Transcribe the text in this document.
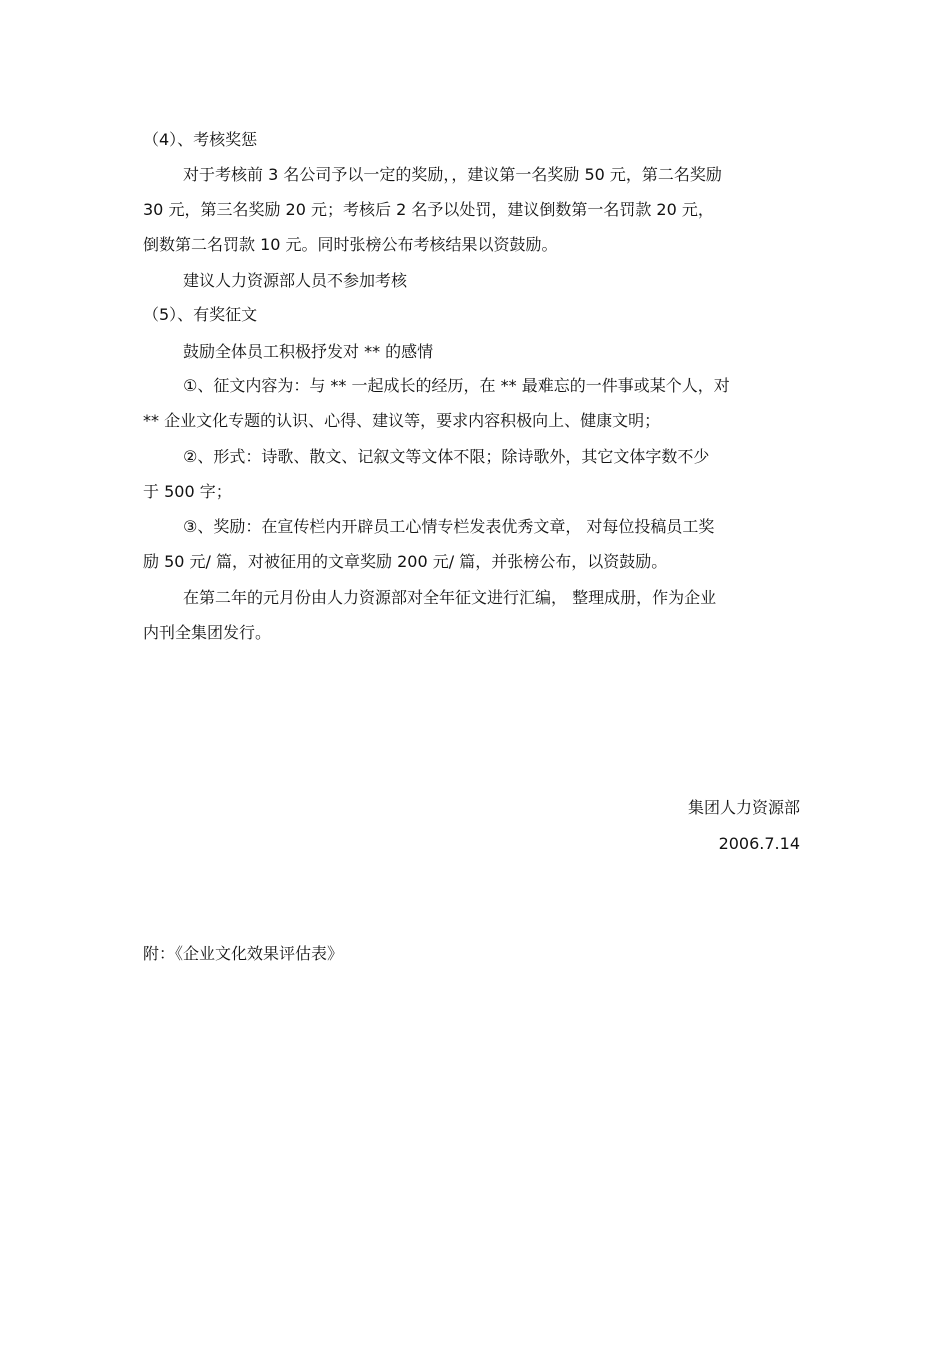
（4）、考核奖惩
对于考核前 3 名公司予以一定的奖励，，建议第一名奖励 50 元，第二名奖励
30 元，第三名奖励 20 元；考核后 2 名予以处罚，建议倒数第一名罚款 20 元，
倒数第二名罚款 10 元。同时张榜公布考核结果以资鼓励。
建议人力资源部人员不参加考核
（5）、有奖征文
鼓励全体员工积极抒发对 ** 的感情
①、征文内容为：与 ** 一起成长的经历，在 ** 最难忘的一件事或某个人，对
** 企业文化专题的认识、心得、建议等，要求内容积极向上、健康文明；
②、形式：诗歌、散文、记叙文等文体不限；除诗歌外，其它文体字数不少
于 500 字；
③、奖励：在宣传栏内开辟员工心情专栏发表优秀文章， 对每位投稿员工奖
励 50 元/ 篇，对被征用的文章奖励 200 元/ 篇，并张榜公布，以资鼓励。
在第二年的元月份由人力资源部对全年征文进行汇编， 整理成册，作为企业
内刊全集团发行。
集团人力资源部
2006.7.14
附：《企业文化效果评估表》
